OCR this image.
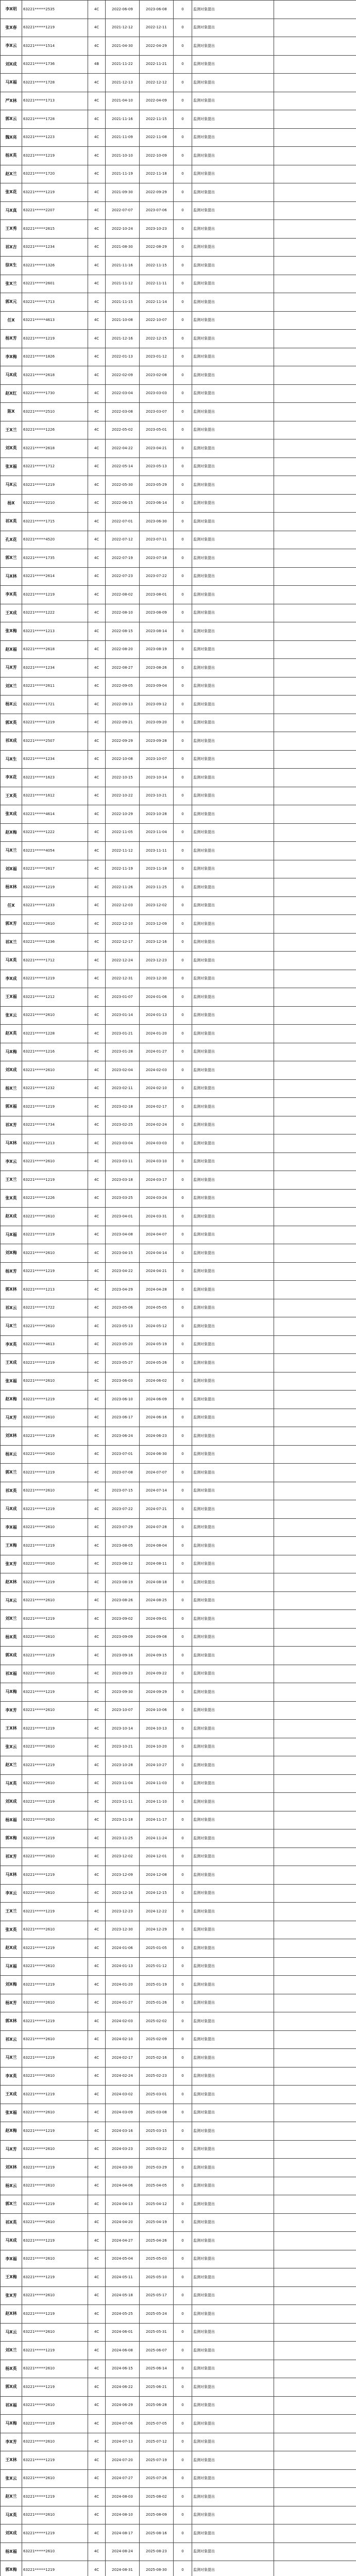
李X明	63221******2535	4C	2022-06-09	2023-06-08	0	监测对象提出	
张X春	63221******1219	4C	2021-12-12	2022-12-11	0	监测对象提出	
李X云	63221******1514	4C	2021-04-30	2022-04-29	0	监测对象提出	
刘X成	63221******1736	4B	2021-11-22	2022-11-21	0	监测对象提出	
马X福	63221******1728	4C	2021-12-13	2022-12-12	0	监测对象提出	
严X林	63221******1713	4C	2021-04-10	2022-04-09	0	监测对象提出	
郭X云	63221******1728	4C	2021-11-16	2022-11-15	0	监测对象提出	
魏X亮	63221******1223	4C	2021-11-09	2022-11-08	0	监测对象提出	
杨X英	63221******1219	4C	2021-10-10	2022-10-09	0	监测对象提出	
赵X兰	63221******1720	4C	2021-11-19	2022-11-18	0	监测对象提出	
张X花	63221******1219	4C	2021-09-30	2022-09-29	0	监测对象提出	
马X真	63221******2207	4C	2022-07-07	2023-07-06	0	监测对象提出	
王X秀	63221******2615	4C	2022-10-24	2023-10-23	0	监测对象提出	
祁X吉	63221******1234	4C	2021-08-30	2022-08-29	0	监测对象提出	
徐X生	63221******1326	4C	2021-11-16	2022-11-15	0	监测对象提出	
张X兰	63221******2601	4C	2021-11-12	2022-11-11	0	监测对象提出	
郭X元	63221******1713	4C	2021-11-15	2022-11-14	0	监测对象提出	
任X	63221******4613	4C	2021-10-08	2022-10-07	0	监测对象提出	
杨X芳	63221******1219	4C	2021-12-16	2022-12-15	0	监测对象提出	
李X梅	63221******1826	4C	2022-01-13	2023-01-12	0	监测对象提出	
马X成	63221******2618	4C	2022-02-09	2023-02-08	0	监测对象提出	
赵X红	63221******1730	4C	2022-03-04	2023-03-03	0	监测对象提出	
陈X	63221******2510	4C	2022-03-08	2023-03-07	0	监测对象提出	
王X兰	63221******1226	4C	2022-05-02	2023-05-01	0	监测对象提出	
刘X英	63221******2618	4C	2022-04-22	2023-04-21	0	监测对象提出	
张X福	63221******1712	4C	2022-05-14	2023-05-13	0	监测对象提出	
马X云	63221******1219	4C	2022-05-30	2023-05-29	0	监测对象提出	
杨X	63221******2210	4C	2022-06-15	2023-06-14	0	监测对象提出	
祁X英	63221******1715	4C	2022-07-01	2023-06-30	0	监测对象提出	
孔X花	63221******4520	4C	2022-07-12	2023-07-11	0	监测对象提出	
郭X兰	63221******1735	4C	2022-07-19	2023-07-18	0	监测对象提出	
马X林	63221******2614	4C	2022-07-23	2023-07-22	0	监测对象提出	
李X英	63221******1219	4C	2022-08-02	2023-08-01	0	监测对象提出	
王X成	63221******1222	4C	2022-08-10	2023-08-09	0	监测对象提出	
张X梅	63221******1213	4C	2022-08-15	2023-08-14	0	监测对象提出	
赵X福	63221******2618	4C	2022-08-20	2023-08-19	0	监测对象提出	
马X芳	63221******1234	4C	2022-08-27	2023-08-26	0	监测对象提出	
刘X兰	63221******2611	4C	2022-09-05	2023-09-04	0	监测对象提出	
杨X云	63221******1721	4C	2022-09-13	2023-09-12	0	监测对象提出	
郭X英	63221******1219	4C	2022-09-21	2023-09-20	0	监测对象提出	
祁X成	63221******2507	4C	2022-09-29	2023-09-28	0	监测对象提出	
马X生	63221******1234	4C	2022-10-08	2023-10-07	0	监测对象提出	
李X花	63221******1623	4C	2022-10-15	2023-10-14	0	监测对象提出	
王X英	63221******1612	4C	2022-10-22	2023-10-21	0	监测对象提出	
张X成	63221******4614	4C	2022-10-29	2023-10-28	0	监测对象提出	
赵X梅	63221******1222	4C	2022-11-05	2023-11-04	0	监测对象提出	
马X兰	63221******4054	4C	2022-11-12	2023-11-11	0	监测对象提出	
刘X福	63221******2617	4C	2022-11-19	2023-11-18	0	监测对象提出	
杨X林	63221******1219	4C	2022-11-26	2023-11-25	0	监测对象提出	
任X	63221******1233	4C	2022-12-03	2023-12-02	0	监测对象提出	
郭X芳	63221******2610	4C	2022-12-10	2023-12-09	0	监测对象提出	
祁X兰	63221******1236	4C	2022-12-17	2023-12-16	0	监测对象提出	
马X英	63221******1712	4C	2022-12-24	2023-12-23	0	监测对象提出	
李X成	63221******1219	4C	2022-12-31	2023-12-30	0	监测对象提出	
王X福	63221******1212	4C	2023-01-07	2024-01-06	0	监测对象提出	
张X云	63221******2610	4C	2023-01-14	2024-01-13	0	监测对象提出	
赵X英	63221******1228	4C	2023-01-21	2024-01-20	0	监测对象提出	
马X梅	63221******1216	4C	2023-01-28	2024-01-27	0	监测对象提出	
刘X成	63221******2610	4C	2023-02-04	2024-02-03	0	监测对象提出	
杨X兰	63221******1232	4C	2023-02-11	2024-02-10	0	监测对象提出	
郭X福	63221******1219	4C	2023-02-18	2024-02-17	0	监测对象提出	
祁X芳	63221******1734	4C	2023-02-25	2024-02-24	0	监测对象提出	
马X林	63221******1213	4C	2023-03-04	2024-03-03	0	监测对象提出	
李X云	63221******2610	4C	2023-03-11	2024-03-10	0	监测对象提出	
王X兰	63221******1219	4C	2023-03-18	2024-03-17	0	监测对象提出	
张X英	63221******1226	4C	2023-03-25	2024-03-24	0	监测对象提出	
赵X成	63221******2610	4C	2023-04-01	2024-03-31	0	监测对象提出	
马X福	63221******1219	4C	2023-04-08	2024-04-07	0	监测对象提出	
刘X梅	63221******2610	4C	2023-04-15	2024-04-14	0	监测对象提出	
杨X芳	63221******1219	4C	2023-04-22	2024-04-21	0	监测对象提出	
郭X林	63221******1213	4C	2023-04-29	2024-04-28	0	监测对象提出	
祁X云	63221******1722	4C	2023-05-06	2024-05-05	0	监测对象提出	
马X兰	63221******2610	4C	2023-05-13	2024-05-12	0	监测对象提出	
李X英	63221******4613	4C	2023-05-20	2024-05-19	0	监测对象提出	
王X成	63221******1219	4C	2023-05-27	2024-05-26	0	监测对象提出	
张X福	63221******2610	4C	2023-06-03	2024-06-02	0	监测对象提出	
赵X梅	63221******1219	4C	2023-06-10	2024-06-09	0	监测对象提出	
马X芳	63221******2610	4C	2023-06-17	2024-06-16	0	监测对象提出	
刘X林	63221******1219	4C	2023-06-24	2024-06-23	0	监测对象提出	
杨X云	63221******2610	4C	2023-07-01	2024-06-30	0	监测对象提出	
郭X兰	63221******1219	4C	2023-07-08	2024-07-07	0	监测对象提出	
祁X英	63221******2610	4C	2023-07-15	2024-07-14	0	监测对象提出	
马X成	63221******1219	4C	2023-07-22	2024-07-21	0	监测对象提出	
李X福	63221******2610	4C	2023-07-29	2024-07-28	0	监测对象提出	
王X梅	63221******1219	4C	2023-08-05	2024-08-04	0	监测对象提出	
张X芳	63221******2610	4C	2023-08-12	2024-08-11	0	监测对象提出	
赵X林	63221******1219	4C	2023-08-19	2024-08-18	0	监测对象提出	
马X云	63221******2610	4C	2023-08-26	2024-08-25	0	监测对象提出	
刘X兰	63221******1219	4C	2023-09-02	2024-09-01	0	监测对象提出	
杨X英	63221******2610	4C	2023-09-09	2024-09-08	0	监测对象提出	
郭X成	63221******1219	4C	2023-09-16	2024-09-15	0	监测对象提出	
祁X福	63221******2610	4C	2023-09-23	2024-09-22	0	监测对象提出	
马X梅	63221******1219	4C	2023-09-30	2024-09-29	0	监测对象提出	
李X芳	63221******2610	4C	2023-10-07	2024-10-06	0	监测对象提出	
王X林	63221******1219	4C	2023-10-14	2024-10-13	0	监测对象提出	
张X云	63221******2610	4C	2023-10-21	2024-10-20	0	监测对象提出	
赵X兰	63221******1219	4C	2023-10-28	2024-10-27	0	监测对象提出	
马X英	63221******2610	4C	2023-11-04	2024-11-03	0	监测对象提出	
刘X成	63221******1219	4C	2023-11-11	2024-11-10	0	监测对象提出	
杨X福	63221******2610	4C	2023-11-18	2024-11-17	0	监测对象提出	
郭X梅	63221******1219	4C	2023-11-25	2024-11-24	0	监测对象提出	
祁X芳	63221******2610	4C	2023-12-02	2024-12-01	0	监测对象提出	
马X林	63221******1219	4C	2023-12-09	2024-12-08	0	监测对象提出	
李X云	63221******2610	4C	2023-12-16	2024-12-15	0	监测对象提出	
王X兰	63221******1219	4C	2023-12-23	2024-12-22	0	监测对象提出	
张X英	63221******2610	4C	2023-12-30	2024-12-29	0	监测对象提出	
赵X成	63221******1219	4C	2024-01-06	2025-01-05	0	监测对象提出	
马X福	63221******2610	4C	2024-01-13	2025-01-12	0	监测对象提出	
刘X梅	63221******1219	4C	2024-01-20	2025-01-19	0	监测对象提出	
杨X芳	63221******2610	4C	2024-01-27	2025-01-26	0	监测对象提出	
郭X林	63221******1219	4C	2024-02-03	2025-02-02	0	监测对象提出	
祁X云	63221******2610	4C	2024-02-10	2025-02-09	0	监测对象提出	
马X兰	63221******1219	4C	2024-02-17	2025-02-16	0	监测对象提出	
李X英	63221******2610	4C	2024-02-24	2025-02-23	0	监测对象提出	
王X成	63221******1219	4C	2024-03-02	2025-03-01	0	监测对象提出	
张X福	63221******2610	4C	2024-03-09	2025-03-08	0	监测对象提出	
赵X梅	63221******1219	4C	2024-03-16	2025-03-15	0	监测对象提出	
马X芳	63221******2610	4C	2024-03-23	2025-03-22	0	监测对象提出	
刘X林	63221******1219	4C	2024-03-30	2025-03-29	0	监测对象提出	
杨X云	63221******2610	4C	2024-04-06	2025-04-05	0	监测对象提出	
郭X兰	63221******1219	4C	2024-04-13	2025-04-12	0	监测对象提出	
祁X英	63221******2610	4C	2024-04-20	2025-04-19	0	监测对象提出	
马X成	63221******1219	4C	2024-04-27	2025-04-26	0	监测对象提出	
李X福	63221******2610	4C	2024-05-04	2025-05-03	0	监测对象提出	
王X梅	63221******1219	4C	2024-05-11	2025-05-10	0	监测对象提出	
张X芳	63221******2610	4C	2024-05-18	2025-05-17	0	监测对象提出	
赵X林	63221******1219	4C	2024-05-25	2025-05-24	0	监测对象提出	
马X云	63221******2610	4C	2024-06-01	2025-05-31	0	监测对象提出	
刘X兰	63221******1219	4C	2024-06-08	2025-06-07	0	监测对象提出	
杨X英	63221******2610	4C	2024-06-15	2025-06-14	0	监测对象提出	
郭X成	63221******1219	4C	2024-06-22	2025-06-21	0	监测对象提出	
祁X福	63221******2610	4C	2024-06-29	2025-06-28	0	监测对象提出	
马X梅	63221******1219	4C	2024-07-06	2025-07-05	0	监测对象提出	
李X芳	63221******2610	4C	2024-07-13	2025-07-12	0	监测对象提出	
王X林	63221******1219	4C	2024-07-20	2025-07-19	0	监测对象提出	
张X云	63221******2610	4C	2024-07-27	2025-07-26	0	监测对象提出	
赵X兰	63221******1219	4C	2024-08-03	2025-08-02	0	监测对象提出	
马X英	63221******2610	4C	2024-08-10	2025-08-09	0	监测对象提出	
刘X成	63221******1219	4C	2024-08-17	2025-08-16	0	监测对象提出	
杨X福	63221******2610	4C	2024-08-24	2025-08-23	0	监测对象提出	
郭X梅	63221******1219	4C	2024-08-31	2025-08-30	0	监测对象提出	
